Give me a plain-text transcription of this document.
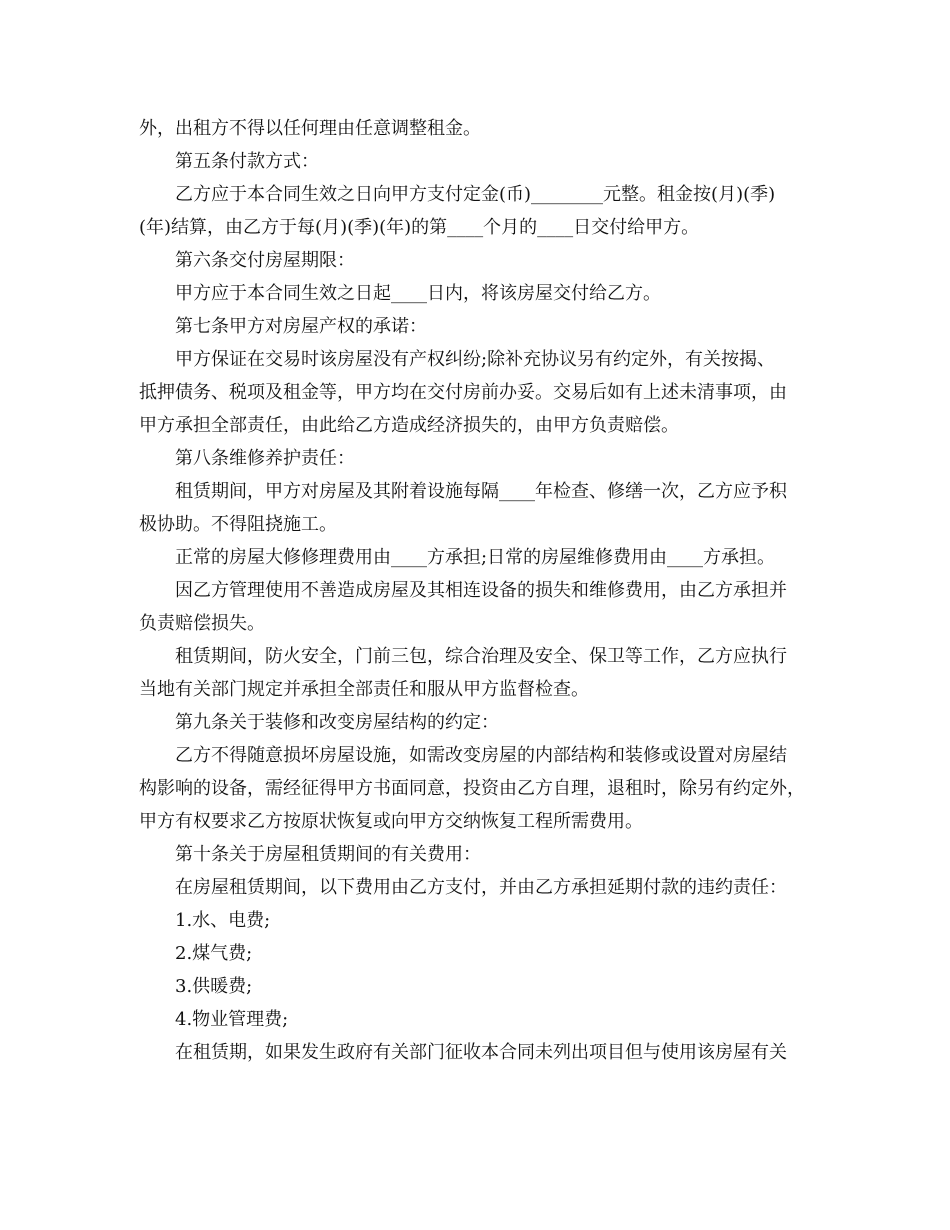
外，出租方不得以任何理由任意调整租金。
第五条付款方式：
乙方应于本合同生效之日向甲方支付定金(币)________元整。租金按(月)(季)
(年)结算，由乙方于每(月)(季)(年)的第____个月的____日交付给甲方。
第六条交付房屋期限：
甲方应于本合同生效之日起____日内，将该房屋交付给乙方。
第七条甲方对房屋产权的承诺：
甲方保证在交易时该房屋没有产权纠纷;除补充协议另有约定外，有关按揭、
抵押债务、税项及租金等，甲方均在交付房前办妥。交易后如有上述未清事项，由
甲方承担全部责任，由此给乙方造成经济损失的，由甲方负责赔偿。
第八条维修养护责任：
租赁期间，甲方对房屋及其附着设施每隔____年检查、修缮一次，乙方应予积
极协助。不得阻挠施工。
正常的房屋大修修理费用由____方承担;日常的房屋维修费用由____方承担。
因乙方管理使用不善造成房屋及其相连设备的损失和维修费用，由乙方承担并
负责赔偿损失。
租赁期间，防火安全，门前三包，综合治理及安全、保卫等工作，乙方应执行
当地有关部门规定并承担全部责任和服从甲方监督检查。
第九条关于装修和改变房屋结构的约定：
乙方不得随意损坏房屋设施，如需改变房屋的内部结构和装修或设置对房屋结
构影响的设备，需经征得甲方书面同意，投资由乙方自理，退租时，除另有约定外，
甲方有权要求乙方按原状恢复或向甲方交纳恢复工程所需费用。
第十条关于房屋租赁期间的有关费用：
在房屋租赁期间，以下费用由乙方支付，并由乙方承担延期付款的违约责任：
1.水、电费;
2.煤气费;
3.供暖费;
4.物业管理费;
在租赁期，如果发生政府有关部门征收本合同未列出项目但与使用该房屋有关
